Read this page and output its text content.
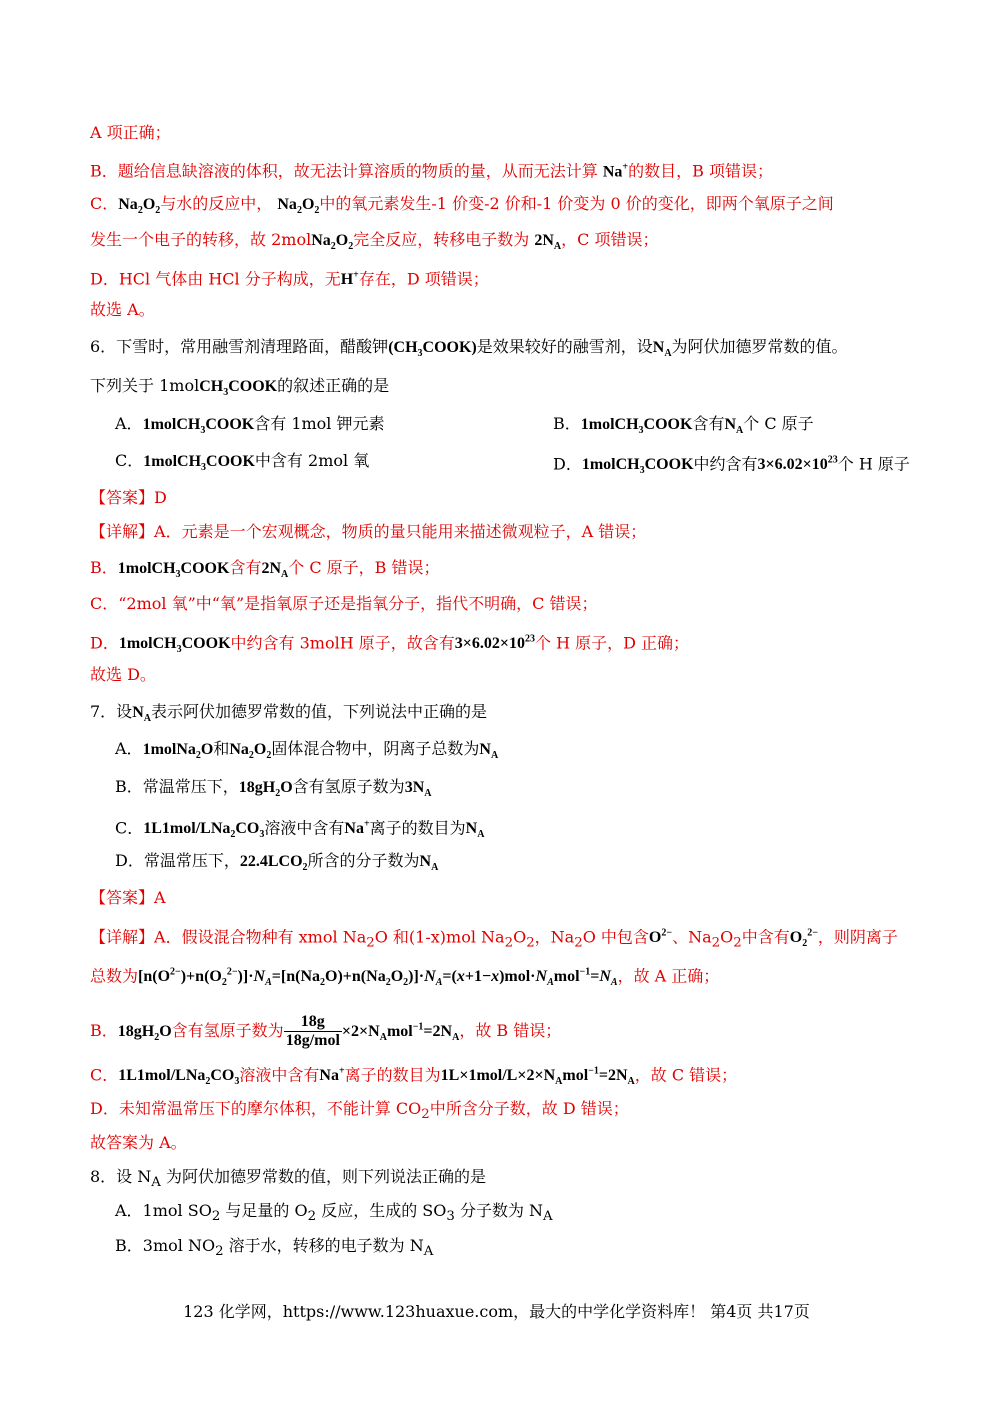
A 项正确；
B．题给信息缺溶液的体积，故无法计算溶质的物质的量，从而无法计算 Na+的数目，B 项错误；
C．$Na_2O_2$与水的反应中， $Na_2O_2$中的氧元素发生-1 价变-2 价和-1 价变为 0 价的变化，即两个氧原子之间
发生一个电子的转移，故 $2molNa_2O_2$完全反应，转移电子数为 $2N_A$，C 项错误；
D．HCl 气体由 HCl 分子构成，无H+存在，D 项错误；
故选 A。
6．下雪时，常用融雪剂清理路面，醋酸钾$(CH_3COOK)$是效果较好的融雪剂，设$N_A$为阿伏加德罗常数的值。
下列关于 1molCH$_3$COOK的叙述正确的是
A．1molCH$_3$COOK含有 1mol 钾元素	B．1molCH$_3$COOK含有$N_A$个 C 原子
C．1molCH$_3$COOK中含有 2mol 氧	D．1molCH$_3$COOK中约含有$3\times 6.02\times 10^{23}$个 H 原子
【答案】D
【详解】A．元素是一个宏观概念，物质的量只能用来描述微观粒子，A 错误；
B．1molCH$_3$COOK含有$2N_A$个 C 原子，B 错误；
C．“2mol 氧”中“氧”是指氧原子还是指氧分子，指代不明确，C 错误；
D．1molCH$_3$COOK中约含有 3molH 原子，故含有$3\times 6.02\times 10^{23}$个 H 原子，D 正确；
故选 D。
7．设$N_A$表示阿伏加德罗常数的值，下列说法中正确的是
A．1molNa$_2$O和$Na_2O_2$固体混合物中，阴离子总数为$N_A$
B．常温常压下，$18gH_2O$含有氢原子数为$3N_A$
C．$1L1mol/LNa_2CO_3$溶液中含有Na+离子的数目为$N_A$
D．常温常压下，$22.4LCO_2$所含的分子数为$N_A$
【答案】A
【详解】A．假设混合物种有 xmol $Na_2O$ 和(1-x)mol $Na_2O_2$，$Na_2O$ 中包含$O^{2-}$、$Na_2O_2$中含有$O_2^{2-}$，则阴离子
总数为$[n(O^{2-})+n(O_2^{2-})]\cdot N_A=[n(Na_2O)+n(Na_2O_2)]\cdot N_A=(x+1-x)mol\cdot N_Amol^{-1}=N_A$，故 A 正确；
B．$18gH_2O$含有氢原子数为 $\frac{18g}{\text{18g/mol}} \times 2\times N_Amol^{-1}=2N_A$，故 B 错误；
C．$1L1mol/LNa_2CO_3$溶液中含有Na+离子的数目为$1L\times 1mol/L\times 2\times N_Amol^{-1}=2N_A$，故 C 错误；
D．未知常温常压下的摩尔体积，不能计算 $CO_2$中所含分子数，故 D 错误；
故答案为 A。
8．设 $N_A$ 为阿伏加德罗常数的值，则下列说法正确的是
A．1mol $SO_2$ 与足量的 $O_2$ 反应，生成的 $SO_3$ 分子数为 $N_A$
B．3mol $NO_2$ 溶于水，转移的电子数为 $N_A$
123 化学网，https://www.123huaxue.com，最大的中学化学资料库！ 第4页 共17页
